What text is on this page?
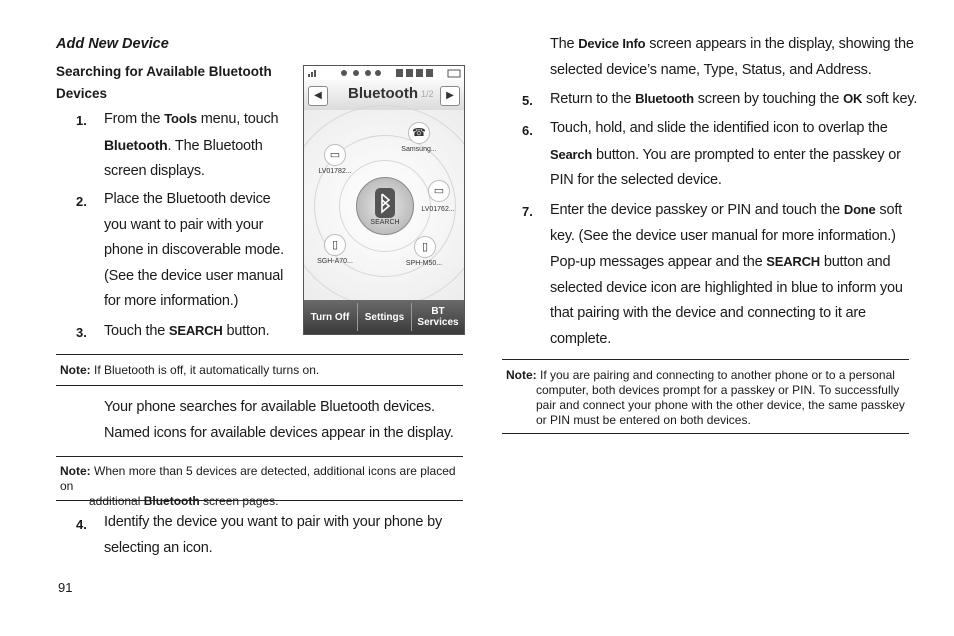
Add New Device
Searching for Available Bluetooth
Devices
1.	From the Tools menu, touch
Bluetooth. The Bluetooth
screen displays.
2.	Place the Bluetooth device
you want to pair with your
phone in discoverable mode.
(See the device user manual
for more information.)
3.	Touch the SEARCH button.
◀	Bluetooth 1/2	▶
☎
Samsung...
▭
LV01782...
▭
LV01762...
▯
SGH-A70...
▯
SPH-M50...
SEARCH
Turn Off	Settings	BT
Services
Note: If Bluetooth is off, it automatically turns on.
Your phone searches for available Bluetooth devices.
Named icons for available devices appear in the display.
Note: When more than 5 devices are detected, additional icons are placed on
additional Bluetooth screen pages.
4.	Identify the device you want to pair with your phone by
selecting an icon.
91
The Device Info screen appears in the display, showing the
selected device’s name, Type, Status, and Address.
5.	Return to the Bluetooth screen by touching the OK soft key.
6.	Touch, hold, and slide the identified icon to overlap the
Search button. You are prompted to enter the passkey or
PIN for the selected device.
7.	Enter the device passkey or PIN and touch the Done soft
key. (See the device user manual for more information.)
Pop-up messages appear and the SEARCH button and
selected device icon are highlighted in blue to inform you
that pairing with the device and connecting to it are
complete.
Note: If you are pairing and connecting to another phone or to a personal
computer, both devices prompt for a passkey or PIN. To successfully
pair and connect your phone with the other device, the same passkey
or PIN must be entered on both devices.
